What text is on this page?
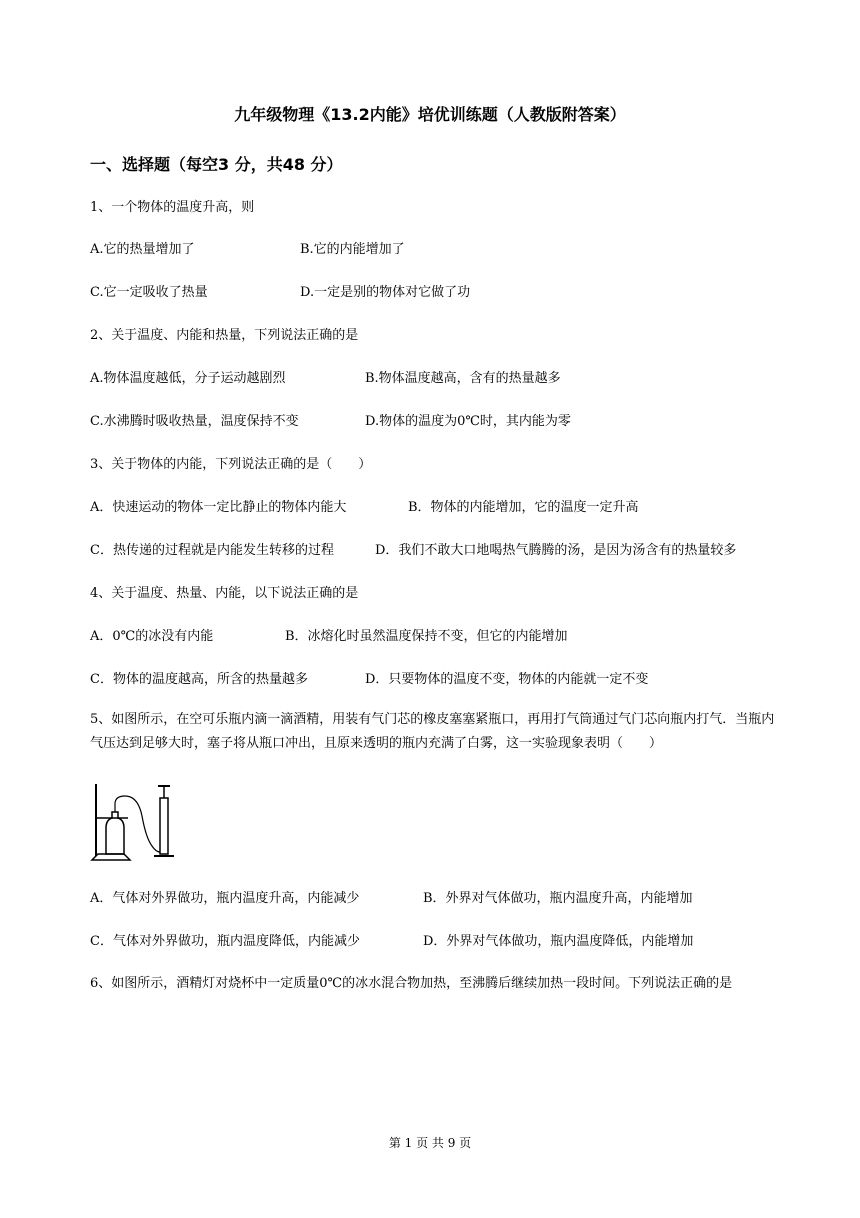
九年级物理《13.2内能》培优训练题（人教版附答案）
一、选择题（每空3 分，共48 分）
1、一个物体的温度升高，则
A.它的热量增加了	B.它的内能增加了
C.它一定吸收了热量	D.一定是别的物体对它做了功
2、关于温度、内能和热量，下列说法正确的是
A.物体温度越低，分子运动越剧烈	B.物体温度越高，含有的热量越多
C.水沸腾时吸收热量，温度保持不变	D.物体的温度为0℃时，其内能为零
3、关于物体的内能，下列说法正确的是（　　）
A．快速运动的物体一定比静止的物体内能大	B．物体的内能增加，它的温度一定升高
C．热传递的过程就是内能发生转移的过程	D．我们不敢大口地喝热气腾腾的汤，是因为汤含有的热量较多
4、关于温度、热量、内能，以下说法正确的是
A．0℃的冰没有内能	B．冰熔化时虽然温度保持不变，但它的内能增加
C．物体的温度越高，所含的热量越多	D．只要物体的温度不变，物体的内能就一定不变
5、如图所示，在空可乐瓶内滴一滴酒精，用装有气门芯的橡皮塞塞紧瓶口，再用打气筒通过气门芯向瓶内打气．当瓶内气压达到足够大时，塞子将从瓶口冲出，且原来透明的瓶内充满了白雾，这一实验现象表明（　　）
A．气体对外界做功，瓶内温度升高，内能减少	B．外界对气体做功，瓶内温度升高，内能增加
C．气体对外界做功，瓶内温度降低，内能减少	D．外界对气体做功，瓶内温度降低，内能增加
6、如图所示，酒精灯对烧杯中一定质量0℃的冰水混合物加热，至沸腾后继续加热一段时间。下列说法正确的是
第 1 页 共 9 页
